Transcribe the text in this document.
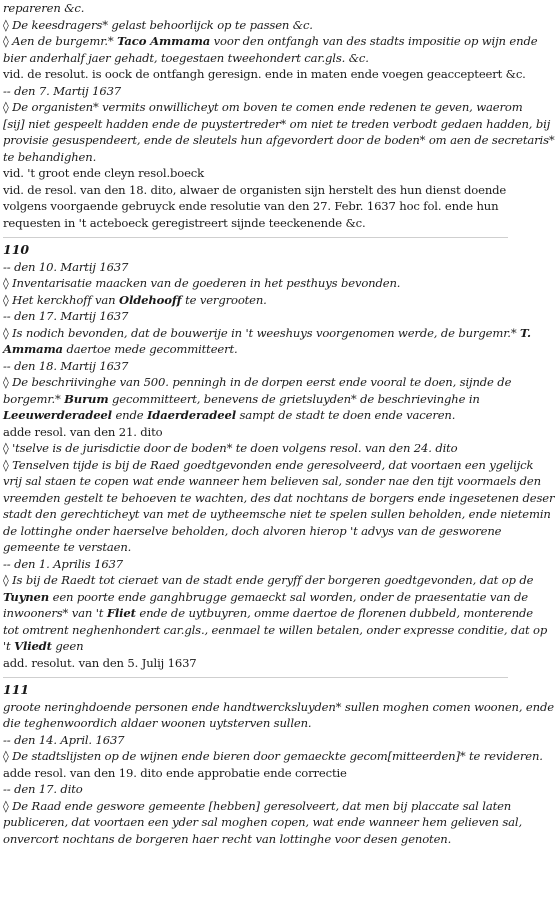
repareren &c.
◊ De keesdragers* gelast behoorlijck op te passen &c.
◊ Aen de burgemr.* Taco Ammama voor den ontfangh van des stadts impositie op wijn ende
bier anderhalf jaer gehadt, toegestaen tweehondert car.gls. &c.
vid. de resolut. is oock de ontfangh geresign. ende in maten ende voegen geaccepteert &c.
-- den 7. Martij 1637
◊ De organisten* vermits onwillicheyt om boven te comen ende redenen te geven, waerom
[sij] niet gespeelt hadden ende de puystertreder* om niet te treden verbodt gedaen hadden, bij
provisie gesuspendeert, ende de sleutels hun afgevordert door de boden* om aen de secretaris*
te behandighen.
vid. 't groot ende cleyn resol.boeck
vid. de resol. van den 18. dito, alwaer de organisten sijn herstelt des hun dienst doende
volgens voorgaende gebruyck ende resolutie van den 27. Febr. 1637 hoc fol. ende hun
requesten in 't acteboeck geregistreert sijnde teeckenende &c.
110
-- den 10. Martij 1637
◊ Inventarisatie maacken van de goederen in het pesthuys bevonden.
◊ Het kerckhoff van Oldehooff te vergrooten.
-- den 17. Martij 1637
◊ Is nodich bevonden, dat de bouwerije in 't weeshuys voorgenomen werde, de burgemr.* T.
Ammama daertoe mede gecommitteert.
-- den 18. Martij 1637
◊ De beschriivinghe van 500. penningh in de dorpen eerst ende vooral te doen, sijnde de
borgemr.* Burum gecommitteert, benevens de grietsluyden* de beschrievinghe in
Leeuwerderadeel ende Idaerderadeel sampt de stadt te doen ende vaceren.
adde resol. van den 21. dito
◊ 'tselve is de jurisdictie door de boden* te doen volgens resol. van den 24. dito
◊ Tenselven tijde is bij de Raed goedtgevonden ende geresolveerd, dat voortaen een ygelijck
vrij sal staen te copen wat ende wanneer hem believen sal, sonder nae den tijt voormaels den
vreemden gestelt te behoeven te wachten, des dat nochtans de borgers ende ingesetenen deser
stadt den gerechticheyt van met de uytheemsche niet te spelen sullen beholden, ende nietemin
de lottinghe onder haerselve beholden, doch alvoren hierop 't advys van de gesworene
gemeente te verstaen.
-- den 1. Aprilis 1637
◊ Is bij de Raedt tot cieraet van de stadt ende geryff der borgeren goedtgevonden, dat op de
Tuynen een poorte ende ganghbrugge gemaeckt sal worden, onder de praesentatie van de
inwooners* van 't Fliet ende de uytbuyren, omme daertoe de florenen dubbeld, monterende
tot omtrent neghenhondert car.gls., eenmael te willen betalen, onder expresse conditie, dat op
't Vliedt geen
add. resolut. van den 5. Julij 1637
111
groote neringhdoende personen ende handtwercksluyden* sullen moghen comen woonen, ende
die teghenwoordich aldaer woonen uytsterven sullen.
-- den 14. April. 1637
◊ De stadtslijsten op de wijnen ende bieren door gemaeckte gecom[mitteerden]* te revideren.
adde resol. van den 19. dito ende approbatie ende correctie
-- den 17. dito
◊ De Raad ende geswore gemeente [hebben] geresolveert, dat men bij placcate sal laten
publiceren, dat voortaen een yder sal moghen copen, wat ende wanneer hem gelieven sal,
onvercort nochtans de borgeren haer recht van lottinghe voor desen genoten.
